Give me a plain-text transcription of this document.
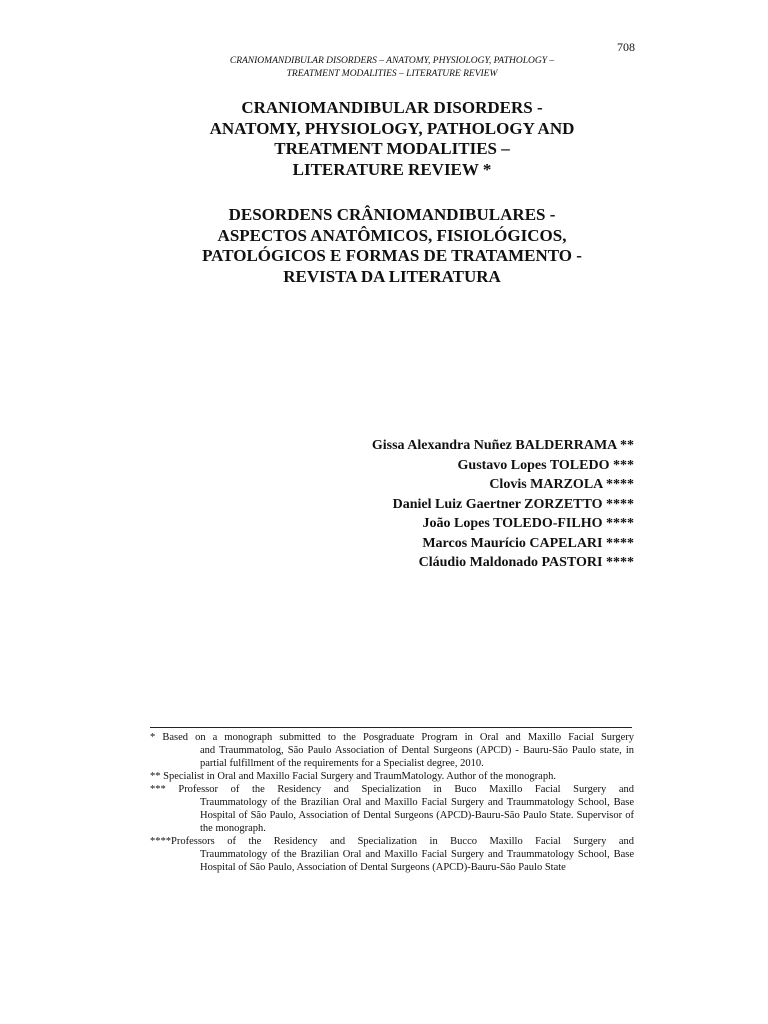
708
CRANIOMANDIBULAR DISORDERS – ANATOMY, PHYSIOLOGY, PATHOLOGY –
TREATMENT MODALITIES – LITERATURE REVIEW
CRANIOMANDIBULAR DISORDERS -
ANATOMY, PHYSIOLOGY, PATHOLOGY AND
TREATMENT MODALITIES –
LITERATURE REVIEW *
DESORDENS CRÂNIOMANDIBULARES -
ASPECTOS ANATÔMICOS, FISIOLÓGICOS,
PATOLÓGICOS E FORMAS DE TRATAMENTO -
REVISTA DA LITERATURA
Gissa Alexandra Nuñez BALDERRAMA **
Gustavo Lopes TOLEDO ***
Clovis MARZOLA ****
Daniel Luiz Gaertner ZORZETTO ****
João Lopes TOLEDO-FILHO ****
Marcos Maurício CAPELARI ****
Cláudio Maldonado PASTORI ****
* Based on a monograph submitted to the Posgraduate Program in Oral and Maxillo Facial Surgery
and Traummatolog, São Paulo Association of Dental Surgeons (APCD) - Bauru-São Paulo state, in partial fulfillment of the requirements for a Specialist degree, 2010.
** Specialist in Oral and Maxillo Facial Surgery and TraumMatology. Author of the monograph.
*** Professor of the Residency and Specialization in Buco Maxillo Facial Surgery and
Traummatology of the Brazilian Oral and Maxillo Facial Surgery and Traummatology School, Base Hospital of São Paulo, Association of Dental Surgeons (APCD)-Bauru-São Paulo State. Supervisor of the monograph.
****Professors of the Residency and Specialization in Bucco Maxillo Facial Surgery and
Traummatology of the Brazilian Oral and Maxillo Facial Surgery and Traummatology School, Base Hospital of São Paulo, Association of Dental Surgeons (APCD)-Bauru-São Paulo State
